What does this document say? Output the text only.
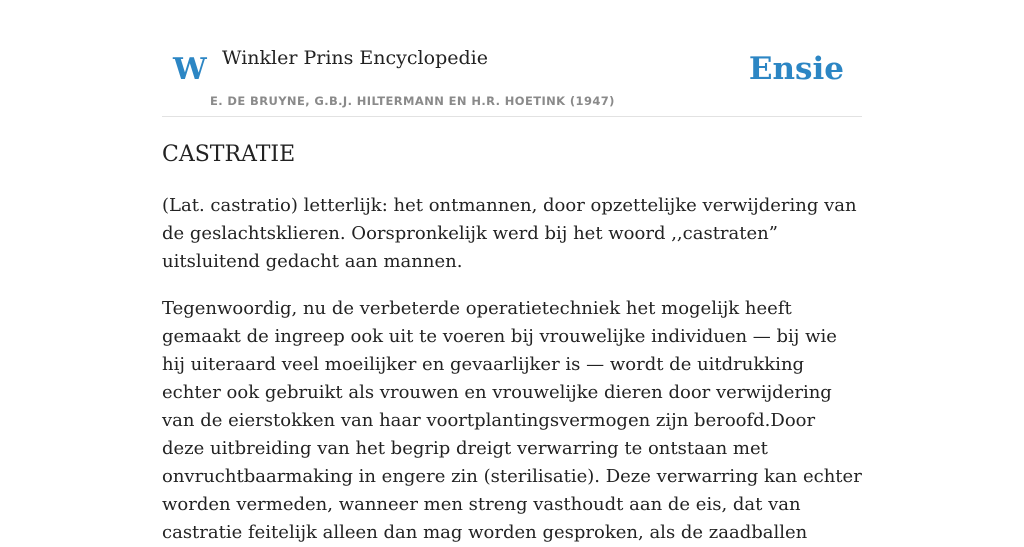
W Winkler Prins Encyclopedie
E. DE BRUYNE, G.B.J. HILTERMANN EN H.R. HOETINK (1947)
Ensie
CASTRATIE

(Lat. castratio) letterlijk: het ontmannen, door opzettelijke verwijdering van de geslachtsklieren. Oorspronkelijk werd bij het woord ,,castraten” uitsluitend gedacht aan mannen.

Tegenwoordig, nu de verbeterde operatietechniek het mogelijk heeft gemaakt de ingreep ook uit te voeren bij vrouwelijke individuen — bij wie hij uiteraard veel moeilijker en gevaarlijker is — wordt de uitdrukking echter ook gebruikt als vrouwen en vrouwelijke dieren door verwijdering van de eierstokken van haar voortplantingsvermogen zijn beroofd.Door deze uitbreiding van het begrip dreigt verwarring te ontstaan met onvruchtbaarmaking in engere zin (sterilisatie). Deze verwarring kan echter worden vermeden, wanneer men streng vasthoudt aan de eis, dat van castratie feitelijk alleen dan mag worden gesproken, als de zaadballen
